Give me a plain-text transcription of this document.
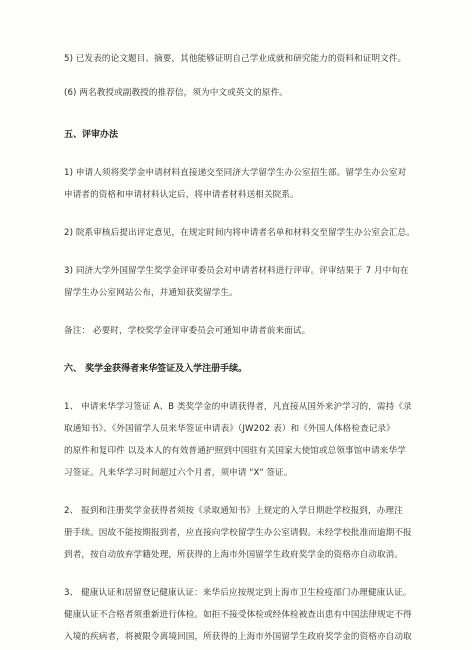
5) 已发表的论文题目、摘要，其他能够证明自己学业成就和研究能力的资料和证明文件。

(6) 两名教授或副教授的推荐信，须为中文或英文的原件。

五、评审办法

1) 申请人须将奖学金申请材料直接递交至同济大学留学生办公室招生部。留学生办公室对

申请者的资格和申请材料认定后，将申请者材料送相关院系。

2) 院系审核后提出评定意见，在规定时间内将申请者名单和材料交至留学生办公室会汇总。

3) 同济大学外国留学生奖学金评审委员会对申请者材料进行评审。评审结果于 7 月中旬在

留学生办公室网站公布，并通知获奖留学生。

备注： 必要时，学校奖学金评审委员会可通知申请者前来面试。

六、 奖学金获得者来华签证及入学注册手续。

1、 申请来华学习签证 A、B 类奖学金的申请获得者，凡直接从国外来沪学习的，需持《录

取通知书》、《外国留学人员来华签证申请表》（JW202 表）和《外国人体格检查记录》

的原件和复印件 以及本人的有效普通护照到中国驻有关国家大使馆或总领事馆申请来华学

习签证。凡来华学习时间超过六个月者，须申请 "X" 签证。

2、 报到和注册奖学金获得者须按《录取通知书》上规定的入学日期赴学校报到，办理注

册手续。因故不能按期报到者，应直接向学校留学生办公室请假。未经学校批准而逾期不报

到者，按自动放弃学籍处理，所获得的上海市外国留学生政府奖学金的资格亦自动取消。

3、 健康认证和居留登记健康认证：来华后应按规定到上海市卫生检疫部门办理健康认证。

健康认证不合格者须重新进行体检。如拒不接受体检或经体检被查出患有中国法律规定不得

入境的疾病者，将被限令离境回国，所获得的上海市外国留学生政府奖学金的资格亦自动取
